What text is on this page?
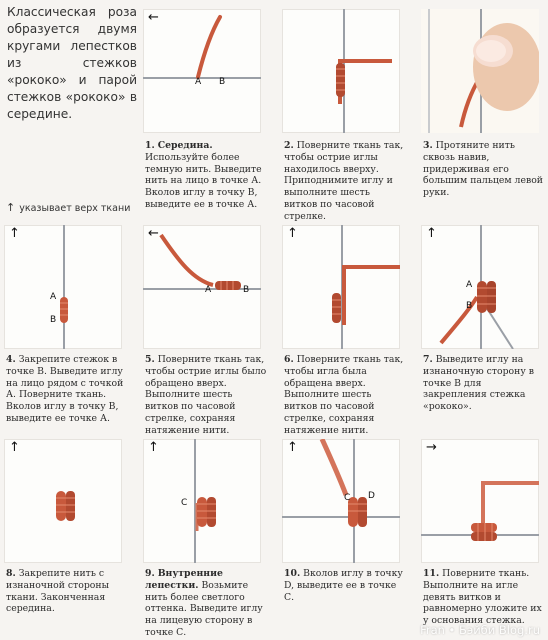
Классическая роза образуется двумя кругами лепестков из стежков «рококо» и парой стежков «рококо» в середине.
↑ указывает верх ткани
←
A B
1. Середина. Используйте более темную нить. Выведите нить на лицо в точке А. Вколов иглу в точку В, выведите ее в точке А.
2. Поверните ткань так, чтобы острие иглы находилось вверху. Приподнимите иглу и выполните шесть витков по часовой стрелке.
3. Протяните нить сквозь навив, придерживая его большим пальцем левой руки.
↑
A
B
4. Закрепите стежок в точке В. Выведите иглу на лицо рядом с точкой А. Поверните ткань. Вколов иглу в точку В, выведите ее точке А.
←
A	B
5. Поверните ткань так, чтобы острие иглы было обращено вверх. Выполните шесть витков по часовой стрелке, сохраняя натяжение нити.
↑
6. Поверните ткань так, чтобы игла была обращена вверх. Выполните шесть витков по часовой стрелке, сохраняя натяжение нити.
↑
A
B
7. Выведите иглу на изнаночную сторону в точке В для закрепления стежка «рококо».
↑
8. Закрепите нить с изнаночной стороны ткани. Законченная середина.
↑
C
9. Внутренние лепестки. Возьмите нить более светлого оттенка. Выведите иглу на лицевую сторону в точке С.
↑
C D
10. Вколов иглу в точку D, выведите ее в точке С.
→
11. Поверните ткань. Выполните на игле девять витков и равномерно уложите их у основания стежка.
Fran • Бэйби Blog.ru
